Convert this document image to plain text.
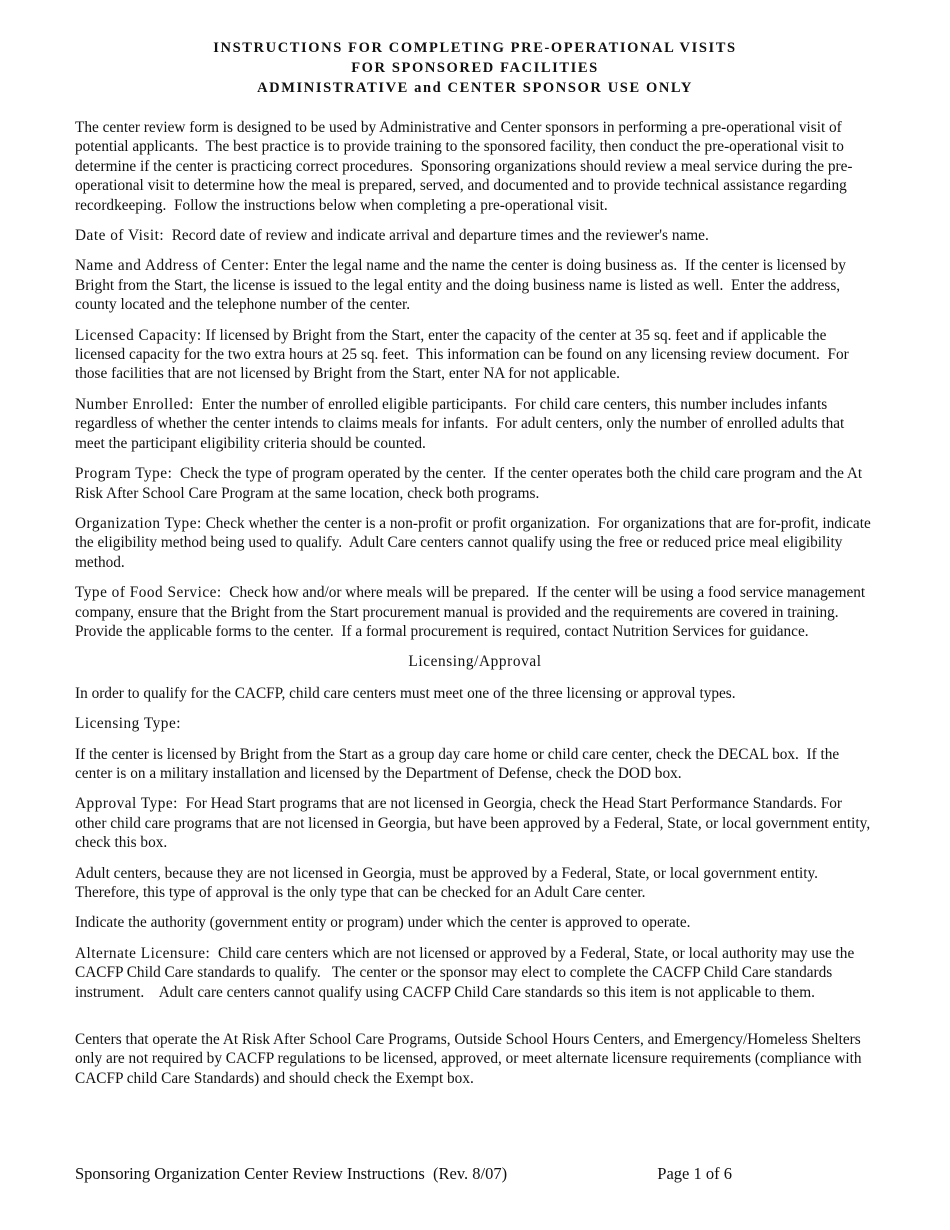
INSTRUCTIONS FOR COMPLETING PRE-OPERATIONAL VISITS
FOR SPONSORED FACILITIES
ADMINISTRATIVE and CENTER SPONSOR USE ONLY

The center review form is designed to be used by Administrative and Center sponsors in performing a pre-operational visit of potential applicants.  The best practice is to provide training to the sponsored facility, then conduct the pre-operational visit to determine if the center is practicing correct procedures.  Sponsoring organizations should review a meal service during the pre-operational visit to determine how the meal is prepared, served, and documented and to provide technical assistance regarding recordkeeping.  Follow the instructions below when completing a pre-operational visit.

Date of Visit:  Record date of review and indicate arrival and departure times and the reviewer's name.

Name and Address of Center: Enter the legal name and the name the center is doing business as.  If the center is licensed by Bright from the Start, the license is issued to the legal entity and the doing business name is listed as well.  Enter the address, county located and the telephone number of the center.

Licensed Capacity: If licensed by Bright from the Start, enter the capacity of the center at 35 sq. feet and if applicable the licensed capacity for the two extra hours at 25 sq. feet.  This information can be found on any licensing review document.  For those facilities that are not licensed by Bright from the Start, enter NA for not applicable.

Number Enrolled:  Enter the number of enrolled eligible participants.  For child care centers, this number includes infants regardless of whether the center intends to claims meals for infants.  For adult centers, only the number of enrolled adults that meet the participant eligibility criteria should be counted.

Program Type:  Check the type of program operated by the center.  If the center operates both the child care program and the At Risk After School Care Program at the same location, check both programs.

Organization Type: Check whether the center is a non-profit or profit organization.  For organizations that are for-profit, indicate the eligibility method being used to qualify.  Adult Care centers cannot qualify using the free or reduced price meal eligibility method.

Type of Food Service:  Check how and/or where meals will be prepared.  If the center will be using a food service management company, ensure that the Bright from the Start procurement manual is provided and the requirements are covered in training.   Provide the applicable forms to the center.  If a formal procurement is required, contact Nutrition Services for guidance.

Licensing/Approval

In order to qualify for the CACFP, child care centers must meet one of the three licensing or approval types.

Licensing Type:

If the center is licensed by Bright from the Start as a group day care home or child care center, check the DECAL box.  If the center is on a military installation and licensed by the Department of Defense, check the DOD box.

Approval Type:  For Head Start programs that are not licensed in Georgia, check the Head Start Performance Standards. For other child care programs that are not licensed in Georgia, but have been approved by a Federal, State, or local government entity, check this box.

Adult centers, because they are not licensed in Georgia, must be approved by a Federal, State, or local government entity.  Therefore, this type of approval is the only type that can be checked for an Adult Care center.

Indicate the authority (government entity or program) under which the center is approved to operate.

Alternate Licensure:  Child care centers which are not licensed or approved by a Federal, State, or local authority may use the CACFP Child Care standards to qualify.   The center or the sponsor may elect to complete the CACFP Child Care standards instrument.    Adult care centers cannot qualify using CACFP Child Care standards so this item is not applicable to them.

Centers that operate the At Risk After School Care Programs, Outside School Hours Centers, and Emergency/Homeless Shelters only are not required by CACFP regulations to be licensed, approved, or meet alternate licensure requirements (compliance with CACFP child Care Standards) and should check the Exempt box.

Sponsoring Organization Center Review Instructions  (Rev. 8/07)	Page 1 of 6
